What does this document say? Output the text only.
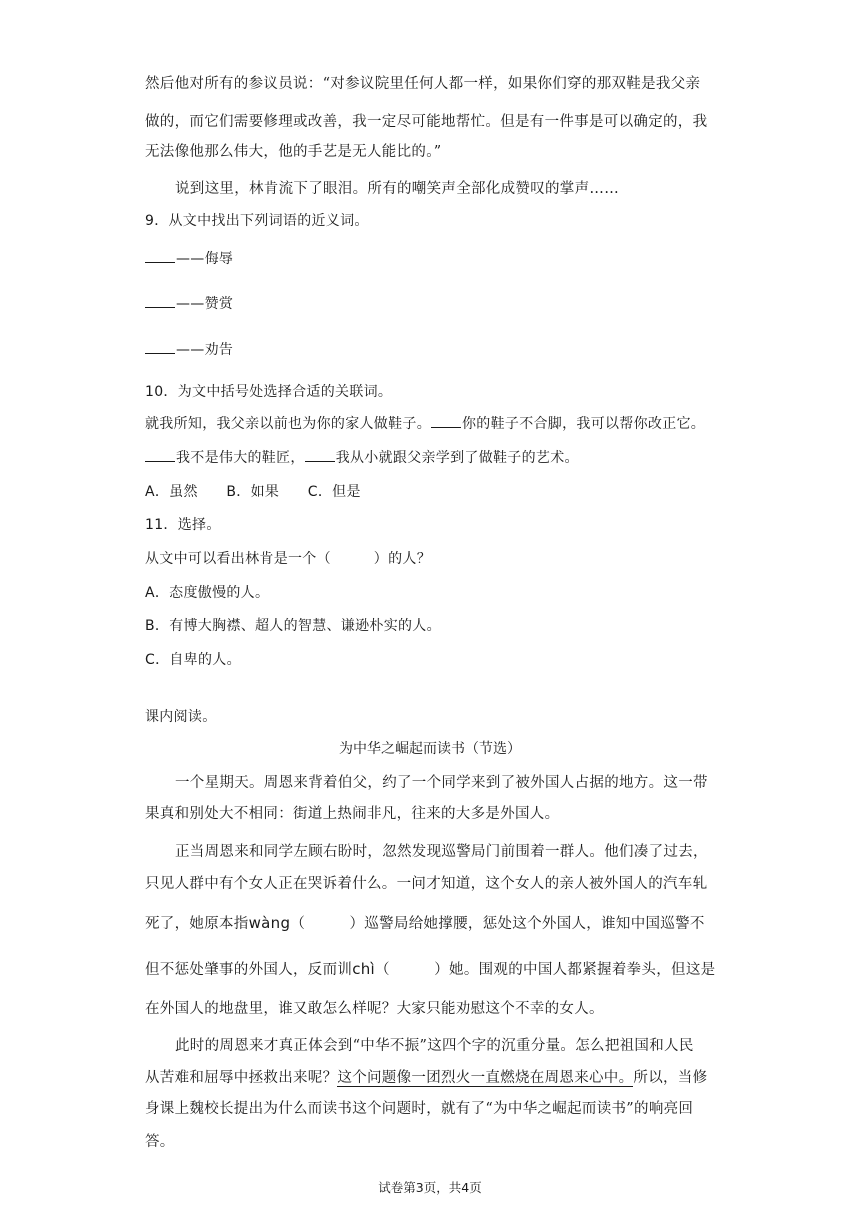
然后他对所有的参议员说：“对参议院里任何人都一样，如果你们穿的那双鞋是我父亲
做的，而它们需要修理或改善，我一定尽可能地帮忙。但是有一件事是可以确定的，我
无法像他那么伟大，他的手艺是无人能比的。”
说到这里，林肯流下了眼泪。所有的嘲笑声全部化成赞叹的掌声……
9．从文中找出下列词语的近义词。
——侮辱
——赞赏
——劝告
10．为文中括号处选择合适的关联词。
就我所知，我父亲以前也为你的家人做鞋子。 你的鞋子不合脚，我可以帮你改正它。
我不是伟大的鞋匠， 我从小就跟父亲学到了做鞋子的艺术。
A．虽然　　B．如果　　C．但是
11．选择。
从文中可以看出林肯是一个（　　　）的人？
A．态度傲慢的人。
B．有博大胸襟、超人的智慧、谦逊朴实的人。
C．自卑的人。
课内阅读。
为中华之崛起而读书（节选）
一个星期天。周恩来背着伯父，约了一个同学来到了被外国人占据的地方。这一带
果真和别处大不相同：街道上热闹非凡，往来的大多是外国人。
正当周恩来和同学左顾右盼时，忽然发现巡警局门前围着一群人。他们凑了过去，
只见人群中有个女人正在哭诉着什么。一问才知道，这个女人的亲人被外国人的汽车轧
死了，她原本指wàng（　　　）巡警局给她撑腰，惩处这个外国人，谁知中国巡警不
但不惩处肇事的外国人，反而训chì（　　　）她。围观的中国人都紧握着拳头，但这是
在外国人的地盘里，谁又敢怎么样呢？大家只能劝慰这个不幸的女人。
此时的周恩来才真正体会到“中华不振”这四个字的沉重分量。怎么把祖国和人民
从苦难和屈辱中拯救出来呢？这个问题像一团烈火一直燃烧在周恩来心中。所以，当修
身课上魏校长提出为什么而读书这个问题时，就有了“为中华之崛起而读书”的响亮回
答。
试卷第3页，共4页
